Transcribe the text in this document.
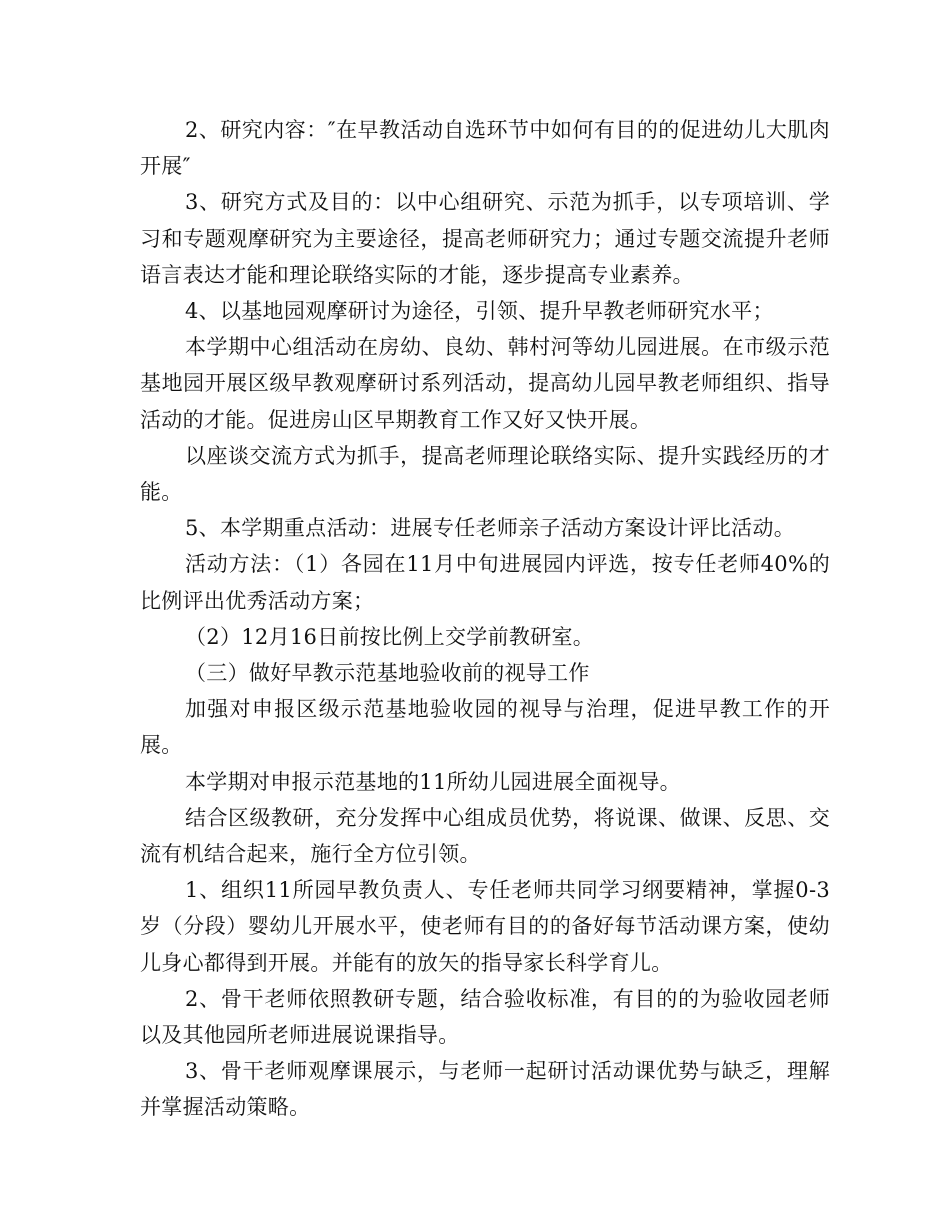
2、研究内容：″在早教活动自选环节中如何有目的的促进幼儿大肌肉开展″

3、研究方式及目的：以中心组研究、示范为抓手，以专项培训、学习和专题观摩研究为主要途径，提高老师研究力；通过专题交流提升老师语言表达才能和理论联络实际的才能，逐步提高专业素养。

4、以基地园观摩研讨为途径，引领、提升早教老师研究水平；

本学期中心组活动在房幼、良幼、韩村河等幼儿园进展。在市级示范基地园开展区级早教观摩研讨系列活动，提高幼儿园早教老师组织、指导活动的才能。促进房山区早期教育工作又好又快开展。

以座谈交流方式为抓手，提高老师理论联络实际、提升实践经历的才能。

5、本学期重点活动：进展专任老师亲子活动方案设计评比活动。

活动方法：（1）各园在11月中旬进展园内评选，按专任老师40%的比例评出优秀活动方案；

（2）12月16日前按比例上交学前教研室。

（三）做好早教示范基地验收前的视导工作

加强对申报区级示范基地验收园的视导与治理，促进早教工作的开展。

本学期对申报示范基地的11所幼儿园进展全面视导。

结合区级教研，充分发挥中心组成员优势，将说课、做课、反思、交流有机结合起来，施行全方位引领。

1、组织11所园早教负责人、专任老师共同学习纲要精神，掌握0-3岁（分段）婴幼儿开展水平，使老师有目的的备好每节活动课方案，使幼儿身心都得到开展。并能有的放矢的指导家长科学育儿。

2、骨干老师依照教研专题，结合验收标准，有目的的为验收园老师以及其他园所老师进展说课指导。

3、骨干老师观摩课展示，与老师一起研讨活动课优势与缺乏，理解并掌握活动策略。
